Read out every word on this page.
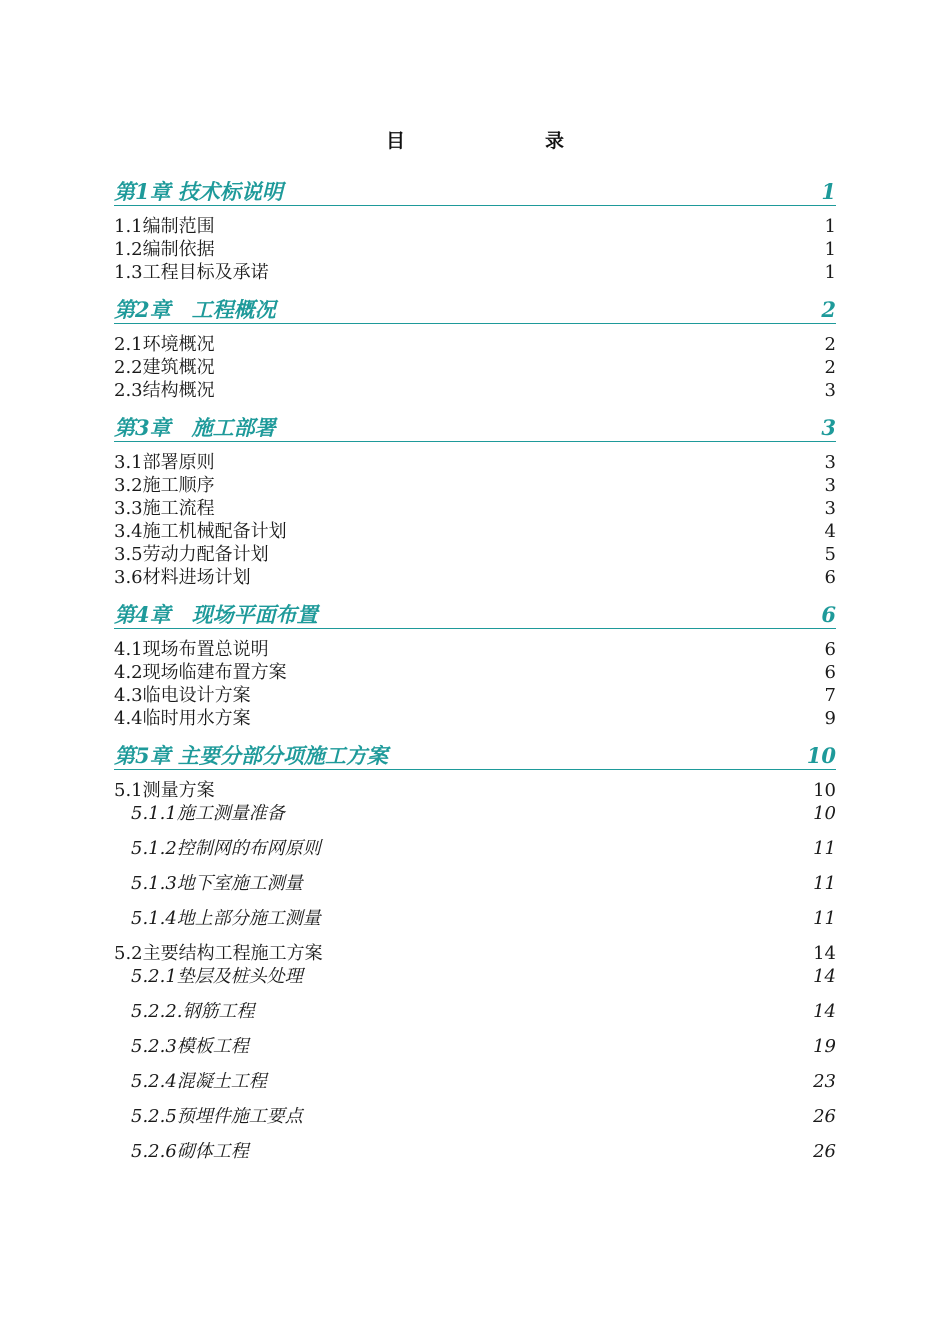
目　　录
第1章 技术标说明	1
1.1编制范围	1
1.2编制依据	1
1.3工程目标及承诺	1
第2章　工程概况	2
2.1环境概况	2
2.2建筑概况	2
2.3结构概况	3
第3章　施工部署	3
3.1部署原则	3
3.2施工顺序	3
3.3施工流程	3
3.4施工机械配备计划	4
3.5劳动力配备计划	5
3.6材料进场计划	6
第4章　现场平面布置	6
4.1现场布置总说明	6
4.2现场临建布置方案	6
4.3临电设计方案	7
4.4临时用水方案	9
第5章 主要分部分项施工方案	10
5.1测量方案	10
5.1.1施工测量准备	10
5.1.2控制网的布网原则	11
5.1.3地下室施工测量	11
5.1.4地上部分施工测量	11
5.2主要结构工程施工方案	14
5.2.1垫层及桩头处理	14
5.2.2.钢筋工程	14
5.2.3模板工程	19
5.2.4混凝土工程	23
5.2.5预埋件施工要点	26
5.2.6砌体工程	26
